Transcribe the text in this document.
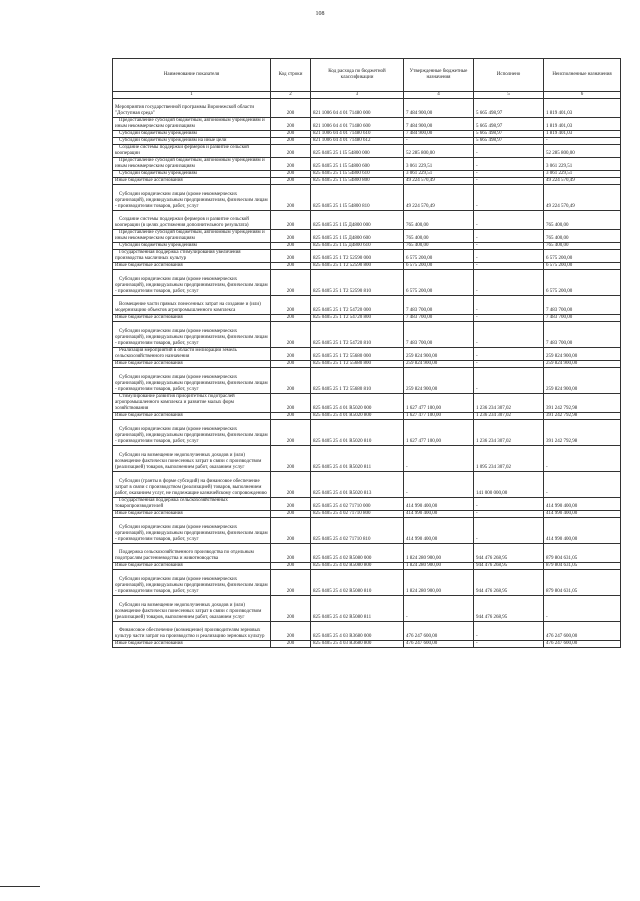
108
Наименование показателя	Код строки	Код расхода по бюджетной классификации	Утвержденные бюджетные назначения	Исполнено	Неисполненные назначения
1	2	3	4	5	6
Мероприятия государственной программы Воронежской области "Доступная среда"	200	821 1006 04 4 01 71480 000	7 484 900,00	5 665 498,97	1 819 401,03
Предоставление субсидий бюджетным, автономным учреждениям и иным некоммерческим организациям	200	821 1006 04 4 01 71480 600	7 484 900,00	5 665 498,97	1 819 401,03
Субсидии бюджетным учреждениям	200	821 1006 04 4 01 71480 610	7 484 900,00	5 665 498,97	1 819 401,03
Субсидии бюджетным учреждениям на иные цели	200	821 1006 04 4 01 71480 612	-	5 665 498,97	-
Создание системы поддержки фермеров и развитие сельской кооперации	200	825 0405 25 1 I5 54800 000	52 285 800,00	-	52 285 800,00
Предоставление субсидий бюджетным, автономным учреждениям и иным некоммерческим организациям	200	825 0405 25 1 I5 54800 600	3 061 229,51	-	3 061 229,51
Субсидии бюджетным учреждениям	200	825 0405 25 1 I5 54800 610	3 061 229,51	-	3 061 229,51
Иные бюджетные ассигнования	200	825 0405 25 1 I5 54800 800	49 224 570,49	-	49 224 570,49
Субсидии юридическим лицам (кроме некоммерческих организаций), индивидуальным предпринимателям, физическим лицам - производителям товаров, работ, услуг	200	825 0405 25 1 I5 54800 810	49 224 570,49	-	49 224 570,49
Создание системы поддержки фермеров и развитие сельской кооперации (в целях достижения дополнительного результата)	200	825 0405 25 1 I5 Д4800 000	765 400,00	-	765 400,00
Предоставление субсидий бюджетным, автономным учреждениям и иным некоммерческим организациям	200	825 0405 25 1 I5 Д4800 600	765 400,00	-	765 400,00
Субсидии бюджетным учреждениям	200	825 0405 25 1 I5 Д4800 610	765 400,00	-	765 400,00
Государственная поддержка стимулирования увеличения производства масличных культур	200	825 0405 25 1 T2 52590 000	6 575 200,00	-	6 575 200,00
Иные бюджетные ассигнования	200	825 0405 25 1 T2 52590 800	6 575 200,00	-	6 575 200,00
Субсидии юридическим лицам (кроме некоммерческих организаций), индивидуальным предпринимателям, физическим лицам - производителям товаров, работ, услуг	200	825 0405 25 1 T2 52590 810	6 575 200,00	-	6 575 200,00
Возмещение части прямых понесенных затрат на создание и (или) модернизацию объектов агропромышленного комплекса	200	825 0405 25 1 T2 54720 000	7 483 700,00	-	7 483 700,00
Иные бюджетные ассигнования	200	825 0405 25 1 T2 54720 800	7 483 700,00	-	7 483 700,00
Субсидии юридическим лицам (кроме некоммерческих организаций), индивидуальным предпринимателям, физическим лицам - производителям товаров, работ, услуг	200	825 0405 25 1 T2 54720 810	7 483 700,00	-	7 483 700,00
Реализация мероприятий в области мелиорации земель сельскохозяйственного назначения	200	825 0405 25 1 T2 55680 000	259 824 900,00	-	259 824 900,00
Иные бюджетные ассигнования	200	825 0405 25 1 T2 55680 800	259 824 900,00	-	259 824 900,00
Субсидии юридическим лицам (кроме некоммерческих организаций), индивидуальным предпринимателям, физическим лицам - производителям товаров, работ, услуг	200	825 0405 25 1 T2 55680 810	259 824 900,00	-	259 824 900,00
Стимулирование развития приоритетных подотраслей агропромышленного комплекса и развитие малых форм хозяйствования	200	825 0405 25 4 01 R5020 000	1 627 477 100,00	1 236 234 307,02	391 242 792,98
Иные бюджетные ассигнования	200	825 0405 25 4 01 R5020 800	1 627 477 100,00	1 236 234 307,02	391 242 792,98
Субсидии юридическим лицам (кроме некоммерческих организаций), индивидуальным предпринимателям, физическим лицам - производителям товаров, работ, услуг	200	825 0405 25 4 01 R5020 810	1 627 477 100,00	1 236 234 307,02	391 242 792,98
Субсидии на возмещение недополученных доходов и (или) возмещение фактически понесенных затрат в связи с производством (реализацией) товаров, выполнением работ, оказанием услуг	200	825 0405 25 4 01 R5020 811	-	1 095 234 307,02	-
Субсидии (гранты в форме субсидий) на финансовое обеспечение затрат в связи с производством (реализацией) товаров, выполнением работ, оказанием услуг, не подлежащие казначейскому сопровождению	200	825 0405 25 4 01 R5020 813	-	141 000 000,00	-
Государственная поддержка сельскохозяйственных товаропроизводителей	200	825 0405 25 4 02 71710 000	414 990 400,00	-	414 990 400,00
Иные бюджетные ассигнования	200	825 0405 25 4 02 71710 800	414 990 400,00	-	414 990 400,00
Субсидии юридическим лицам (кроме некоммерческих организаций), индивидуальным предпринимателям, физическим лицам - производителям товаров, работ, услуг	200	825 0405 25 4 02 71710 810	414 990 400,00	-	414 990 400,00
Поддержка сельскохозяйственного производства по отдельным подотраслям растениеводства и животноводства	200	825 0405 25 4 02 R5080 000	1 824 280 900,00	944 476 268,95	879 804 631,05
Иные бюджетные ассигнования	200	825 0405 25 4 02 R5080 800	1 824 280 900,00	944 476 268,95	879 804 631,05
Субсидии юридическим лицам (кроме некоммерческих организаций), индивидуальным предпринимателям, физическим лицам - производителям товаров, работ, услуг	200	825 0405 25 4 02 R5080 810	1 824 280 900,00	944 476 268,95	879 804 631,05
Субсидии на возмещение недополученных доходов и (или) возмещение фактически понесенных затрат в связи с производством (реализацией) товаров, выполнением работ, оказанием услуг	200	825 0405 25 4 02 R5080 811	-	944 476 268,95	-
Финансовое обеспечение (возмещение) производителям зерновых культур части затрат на производство и реализацию зерновых культур	200	825 0405 25 4 03 R3680 000	476 247 600,00	-	476 247 600,00
Иные бюджетные ассигнования	200	825 0405 25 4 03 R3680 800	476 247 600,00	-	476 247 600,00
